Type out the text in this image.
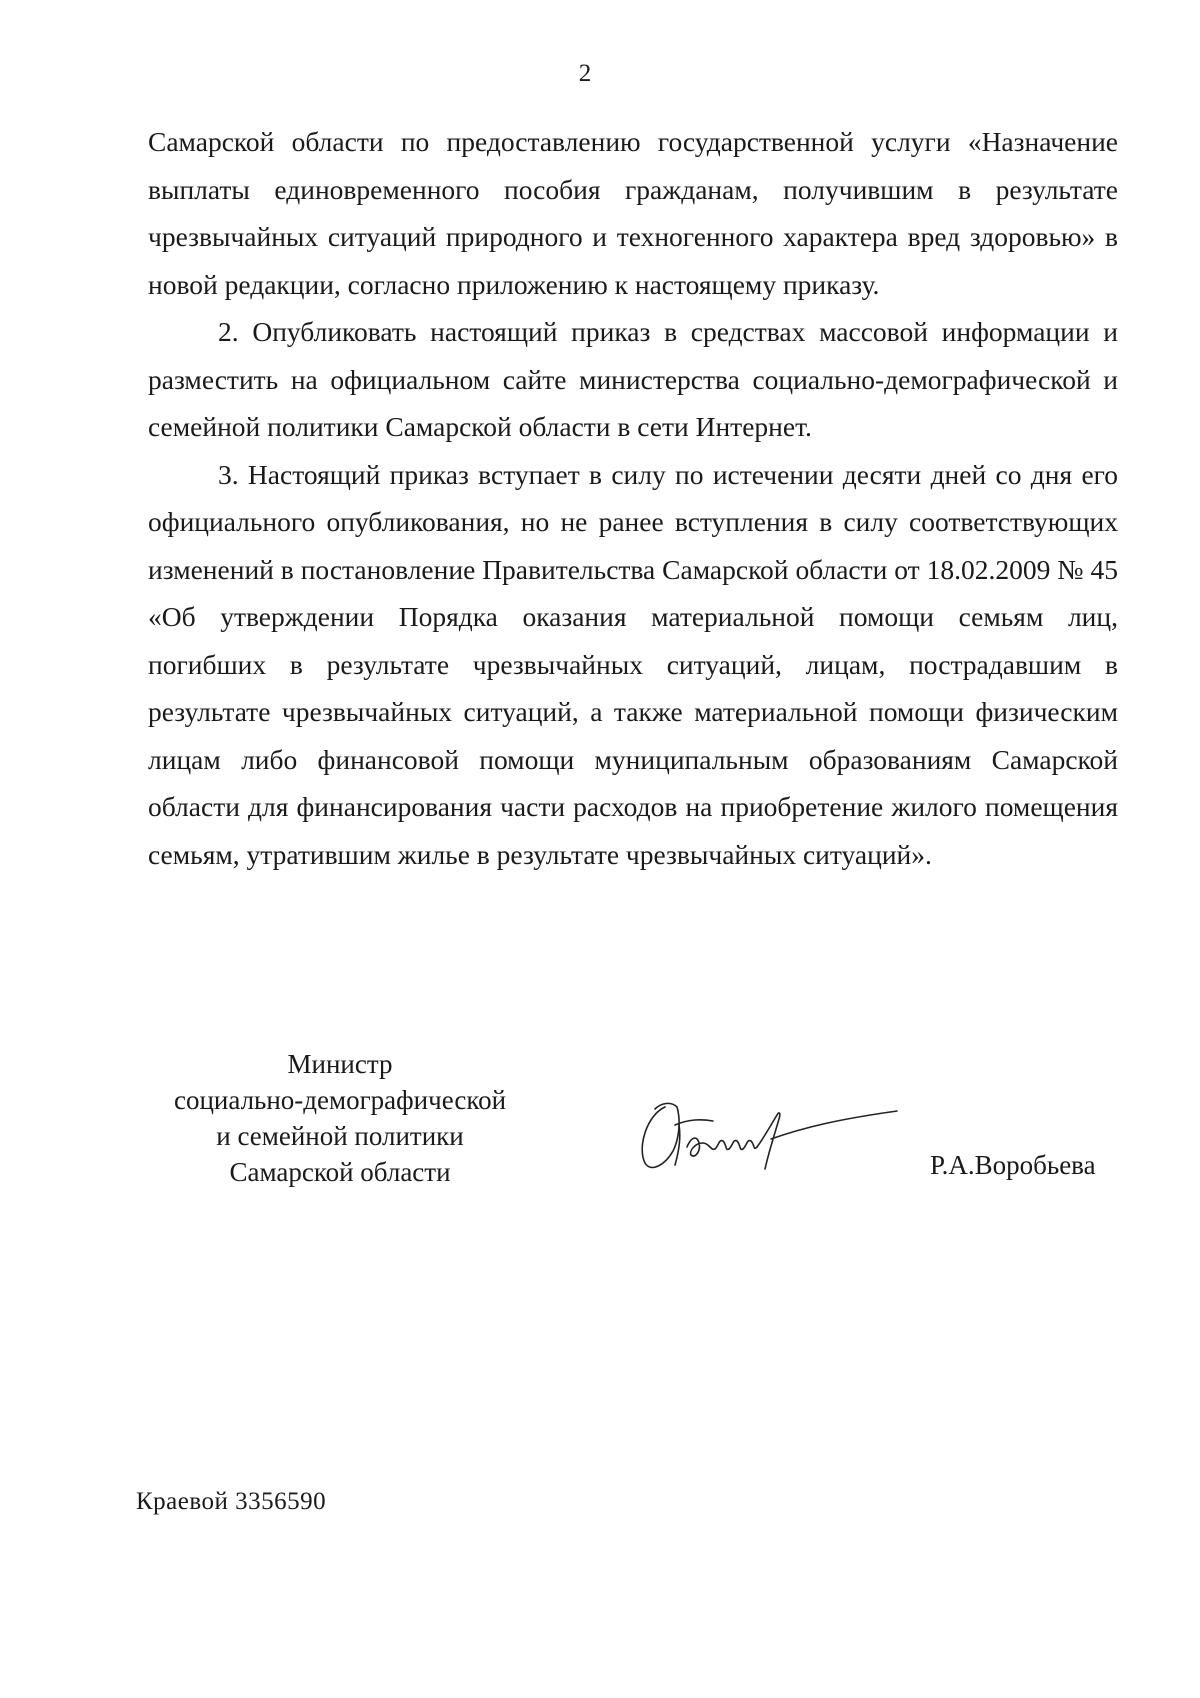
2

Самарской области по предоставлению государственной услуги «Назначение выплаты единовременного пособия гражданам, получившим в результате чрезвычайных ситуаций природного и техногенного характера вред здоровью» в новой редакции, согласно приложению к настоящему приказу.

2. Опубликовать настоящий приказ в средствах массовой информации и разместить на официальном сайте министерства социально-демографической и семейной политики Самарской области в сети Интернет.

3. Настоящий приказ вступает в силу по истечении десяти дней со дня его официального опубликования, но не ранее вступления в силу соответствующих изменений в постановление Правительства Самарской области от 18.02.2009 № 45 «Об утверждении Порядка оказания материальной помощи семьям лиц, погибших в результате чрезвычайных ситуаций, лицам, пострадавшим в результате чрезвычайных ситуаций, а также материальной помощи физическим лицам либо финансовой помощи муниципальным образованиям Самарской области для финансирования части расходов на приобретение жилого помещения семьям, утратившим жилье в результате чрезвычайных ситуаций».

Министр
социально-демографической
и семейной политики
Самарской области	Р.А.Воробьева
Краевой 3356590
